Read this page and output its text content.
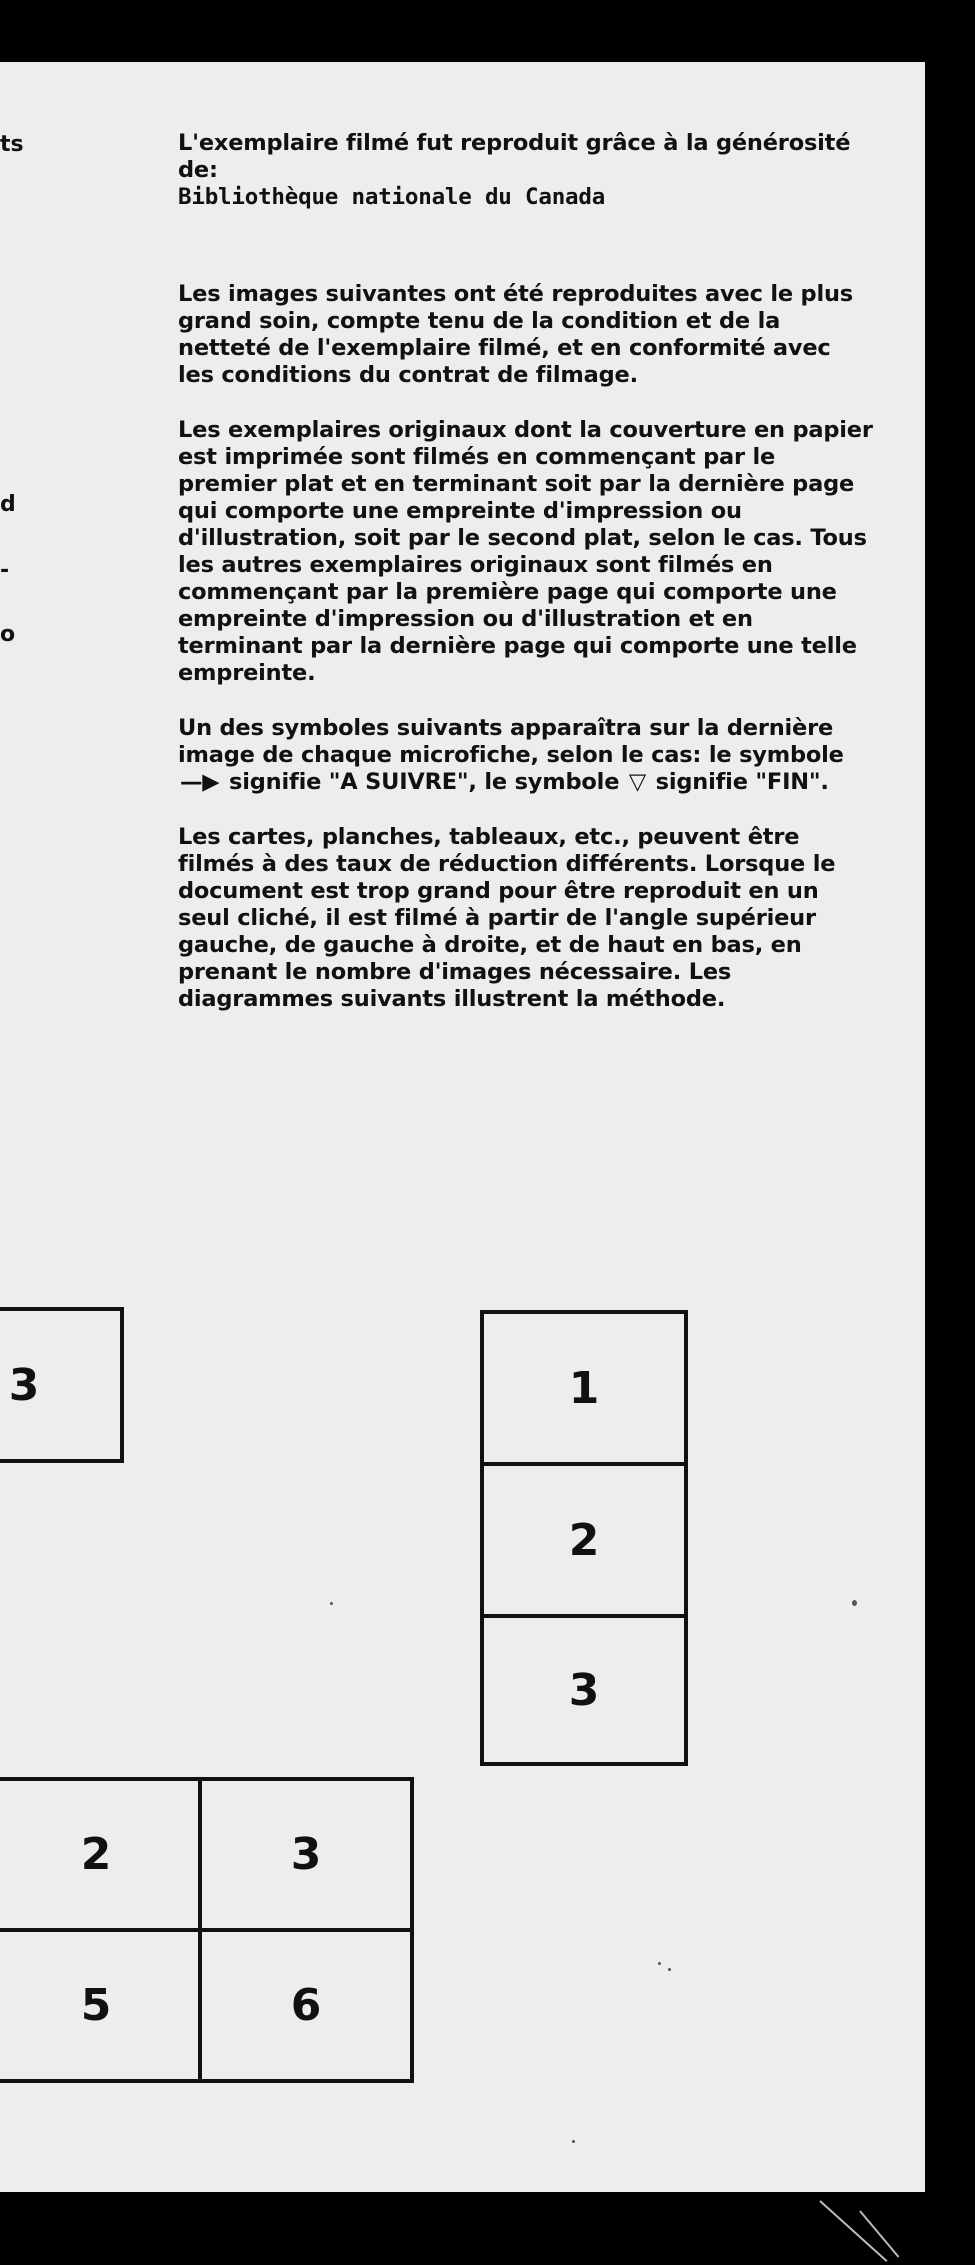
ts
d
-
o

L'exemplaire filmé fut reproduit grâce à la générosité de:

Bibliothèque nationale du Canada

Les images suivantes ont été reproduites avec le plus grand soin, compte tenu de la condition et de la netteté de l'exemplaire filmé, et en conformité avec les conditions du contrat de filmage.

Les exemplaires originaux dont la couverture en papier est imprimée sont filmés en commençant par le premier plat et en terminant soit par la dernière page qui comporte une empreinte d'impression ou d'illustration, soit par le second plat, selon le cas. Tous les autres exemplaires originaux sont filmés en commençant par la première page qui comporte une empreinte d'impression ou d'illustration et en terminant par la dernière page qui comporte une telle empreinte.

Un des symboles suivants apparaîtra sur la dernière image de chaque microfiche, selon le cas: le symbole —▶ signifie "A SUIVRE", le symbole ▽ signifie "FIN".

Les cartes, planches, tableaux, etc., peuvent être filmés à des taux de réduction différents. Lorsque le document est trop grand pour être reproduit en un seul cliché, il est filmé à partir de l'angle supérieur gauche, de gauche à droite, et de haut en bas, en prenant le nombre d'images nécessaire. Les diagrammes suivants illustrent la méthode.

3	1
2
3
2	3
5	6
